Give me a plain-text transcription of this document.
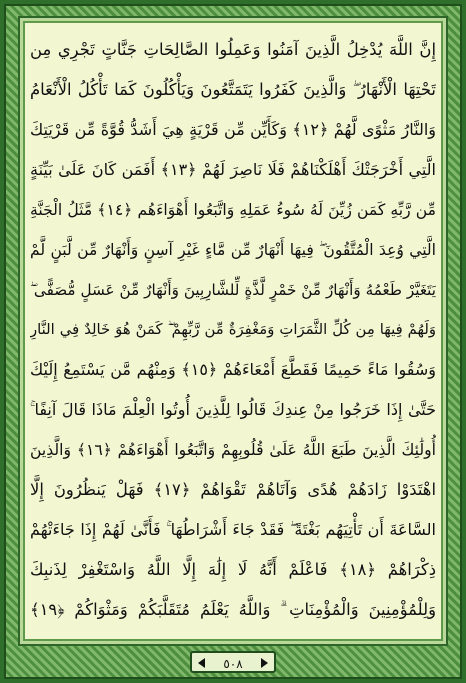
إِنَّ اللَّهَ يُدْخِلُ الَّذِينَ آمَنُوا وَعَمِلُوا الصَّالِحَاتِ جَنَّاتٍ تَجْرِي مِن
تَحْتِهَا الْأَنْهَارُ ۖ وَالَّذِينَ كَفَرُوا يَتَمَتَّعُونَ وَيَأْكُلُونَ كَمَا تَأْكُلُ الْأَنْعَامُ
وَالنَّارُ مَثْوًى لَّهُمْ ﴿١٢﴾ وَكَأَيِّن مِّن قَرْيَةٍ هِيَ أَشَدُّ قُوَّةً مِّن قَرْيَتِكَ
الَّتِي أَخْرَجَتْكَ أَهْلَكْنَاهُمْ فَلَا نَاصِرَ لَهُمْ ﴿١٣﴾ أَفَمَن كَانَ عَلَىٰ بَيِّنَةٍ
مِّن رَّبِّهِ كَمَن زُيِّنَ لَهُ سُوءُ عَمَلِهِ وَاتَّبَعُوا أَهْوَاءَهُم ﴿١٤﴾ مَّثَلُ الْجَنَّةِ
الَّتِي وُعِدَ الْمُتَّقُونَ ۖ فِيهَا أَنْهَارٌ مِّن مَّاءٍ غَيْرِ آسِنٍ وَأَنْهَارٌ مِّن لَّبَنٍ لَّمْ
يَتَغَيَّرْ طَعْمُهُ وَأَنْهَارٌ مِّنْ خَمْرٍ لَّذَّةٍ لِّلشَّارِبِينَ وَأَنْهَارٌ مِّنْ عَسَلٍ مُّصَفًّى ۖ
وَلَهُمْ فِيهَا مِن كُلِّ الثَّمَرَاتِ وَمَغْفِرَةٌ مِّن رَّبِّهِمْ ۖ كَمَنْ هُوَ خَالِدٌ فِي النَّارِ
وَسُقُوا مَاءً حَمِيمًا فَقَطَّعَ أَمْعَاءَهُمْ ﴿١٥﴾ وَمِنْهُم مَّن يَسْتَمِعُ إِلَيْكَ
حَتَّىٰ إِذَا خَرَجُوا مِنْ عِندِكَ قَالُوا لِلَّذِينَ أُوتُوا الْعِلْمَ مَاذَا قَالَ آنِفًا ۚ
أُولَٰئِكَ الَّذِينَ طَبَعَ اللَّهُ عَلَىٰ قُلُوبِهِمْ وَاتَّبَعُوا أَهْوَاءَهُمْ ﴿١٦﴾ وَالَّذِينَ
اهْتَدَوْا زَادَهُمْ هُدًى وَآتَاهُمْ تَقْوَاهُمْ ﴿١٧﴾ فَهَلْ يَنظُرُونَ إِلَّا
السَّاعَةَ أَن تَأْتِيَهُم بَغْتَةً ۖ فَقَدْ جَاءَ أَشْرَاطُهَا ۚ فَأَنَّىٰ لَهُمْ إِذَا جَاءَتْهُمْ
ذِكْرَاهُمْ ﴿١٨﴾ فَاعْلَمْ أَنَّهُ لَا إِلَٰهَ إِلَّا اللَّهُ وَاسْتَغْفِرْ لِذَنبِكَ
وَلِلْمُؤْمِنِينَ وَالْمُؤْمِنَاتِ ۗ وَاللَّهُ يَعْلَمُ مُتَقَلَّبَكُمْ وَمَثْوَاكُمْ ﴿١٩﴾
٥٠٨
